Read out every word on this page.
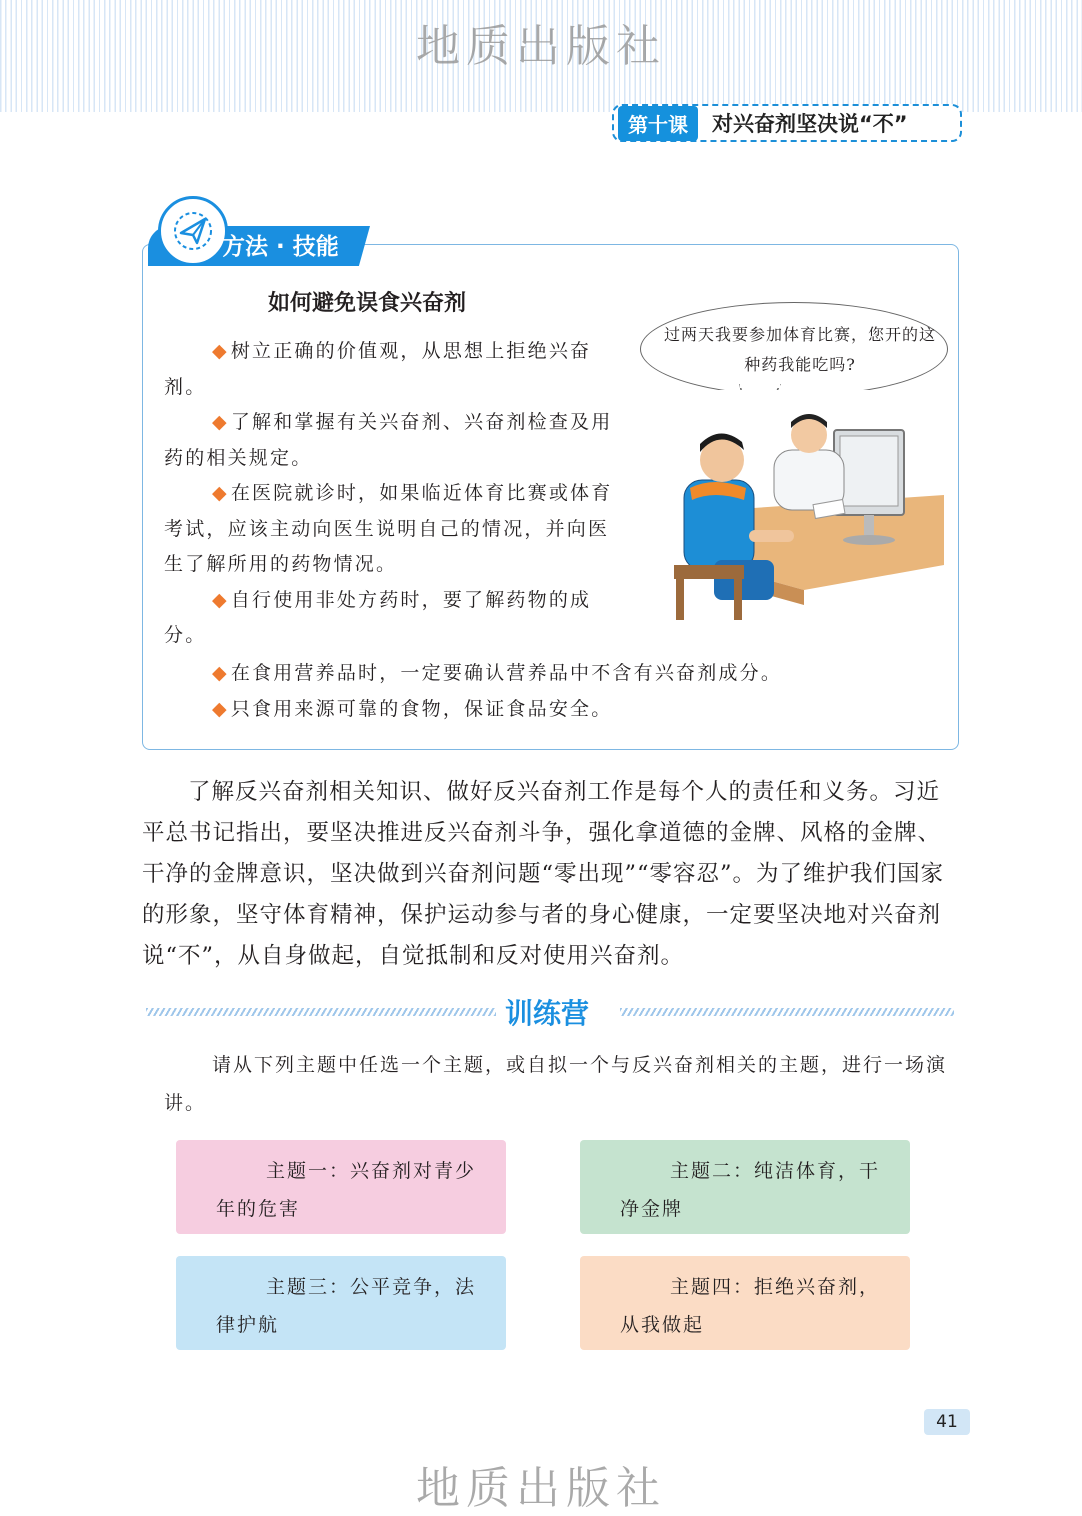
地质出版社
第十课	对兴奋剂坚决说“不”
方法 · 技能
如何避免误食兴奋剂

◆ 树立正确的价值观，从思想上拒绝兴奋剂。

◆ 了解和掌握有关兴奋剂、兴奋剂检查及用药的相关规定。

◆ 在医院就诊时，如果临近体育比赛或体育考试，应该主动向医生说明自己的情况，并向医生了解所用的药物情况。

◆ 自行使用非处方药时，要了解药物的成分。

◆ 在食用营养品时，一定要确认营养品中不含有兴奋剂成分。

◆ 只食用来源可靠的食物，保证食品安全。

过两天我要参加体育比赛，您开的这种药我能吃吗?

了解反兴奋剂相关知识、做好反兴奋剂工作是每个人的责任和义务。习近平总书记指出，要坚决推进反兴奋剂斗争，强化拿道德的金牌、风格的金牌、干净的金牌意识，坚决做到兴奋剂问题“零出现”“零容忍”。为了维护我们国家的形象，坚守体育精神，保护运动参与者的身心健康，一定要坚决地对兴奋剂说“不”，从自身做起，自觉抵制和反对使用兴奋剂。

训练营

请从下列主题中任选一个主题，或自拟一个与反兴奋剂相关的主题，进行一场演讲。

主题一：兴奋剂对青少年的危害

主题二：纯洁体育，干净金牌

主题三：公平竞争，法律护航

主题四：拒绝兴奋剂，从我做起

41
地质出版社
